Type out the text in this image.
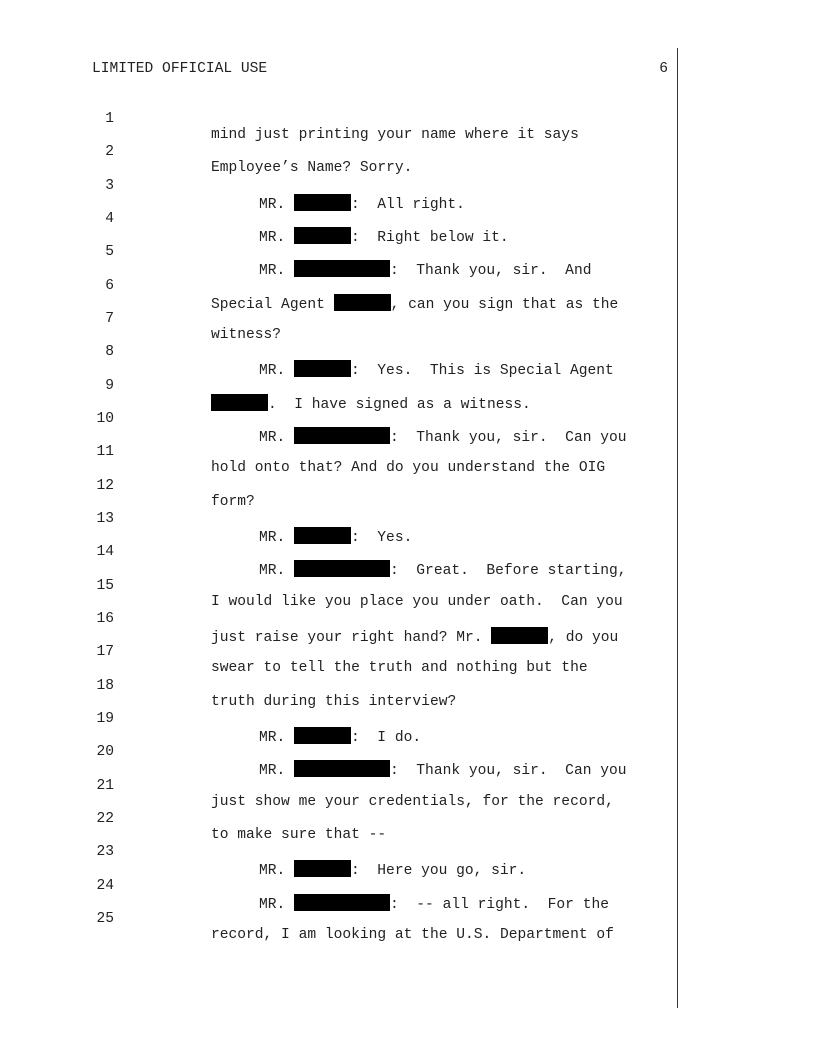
LIMITED OFFICIAL USE	6

1

mind just printing your name where it says

2

Employee’s Name? Sorry.

3

MR.	:  All right.

4

MR.	:  Right below it.

5

MR.	:  Thank you, sir.  And

6

Special Agent	, can you sign that as the

7

witness?

8

MR.	:  Yes.  This is Special Agent

9

.  I have signed as a witness.

10

MR.	:  Thank you, sir.  Can you

11

hold onto that? And do you understand the OIG

12

form?

13

MR.	:  Yes.

14

MR.	:  Great.  Before starting,

15

I would like you place you under oath.  Can you

16

just raise your right hand? Mr.	, do you

17

swear to tell the truth and nothing but the

18

truth during this interview?

19

MR.	:  I do.

20

MR.	:  Thank you, sir.  Can you

21

just show me your credentials, for the record,

22

to make sure that --

23

MR.	:  Here you go, sir.

24

MR.	:  -- all right.  For the

25

record, I am looking at the U.S. Department of
